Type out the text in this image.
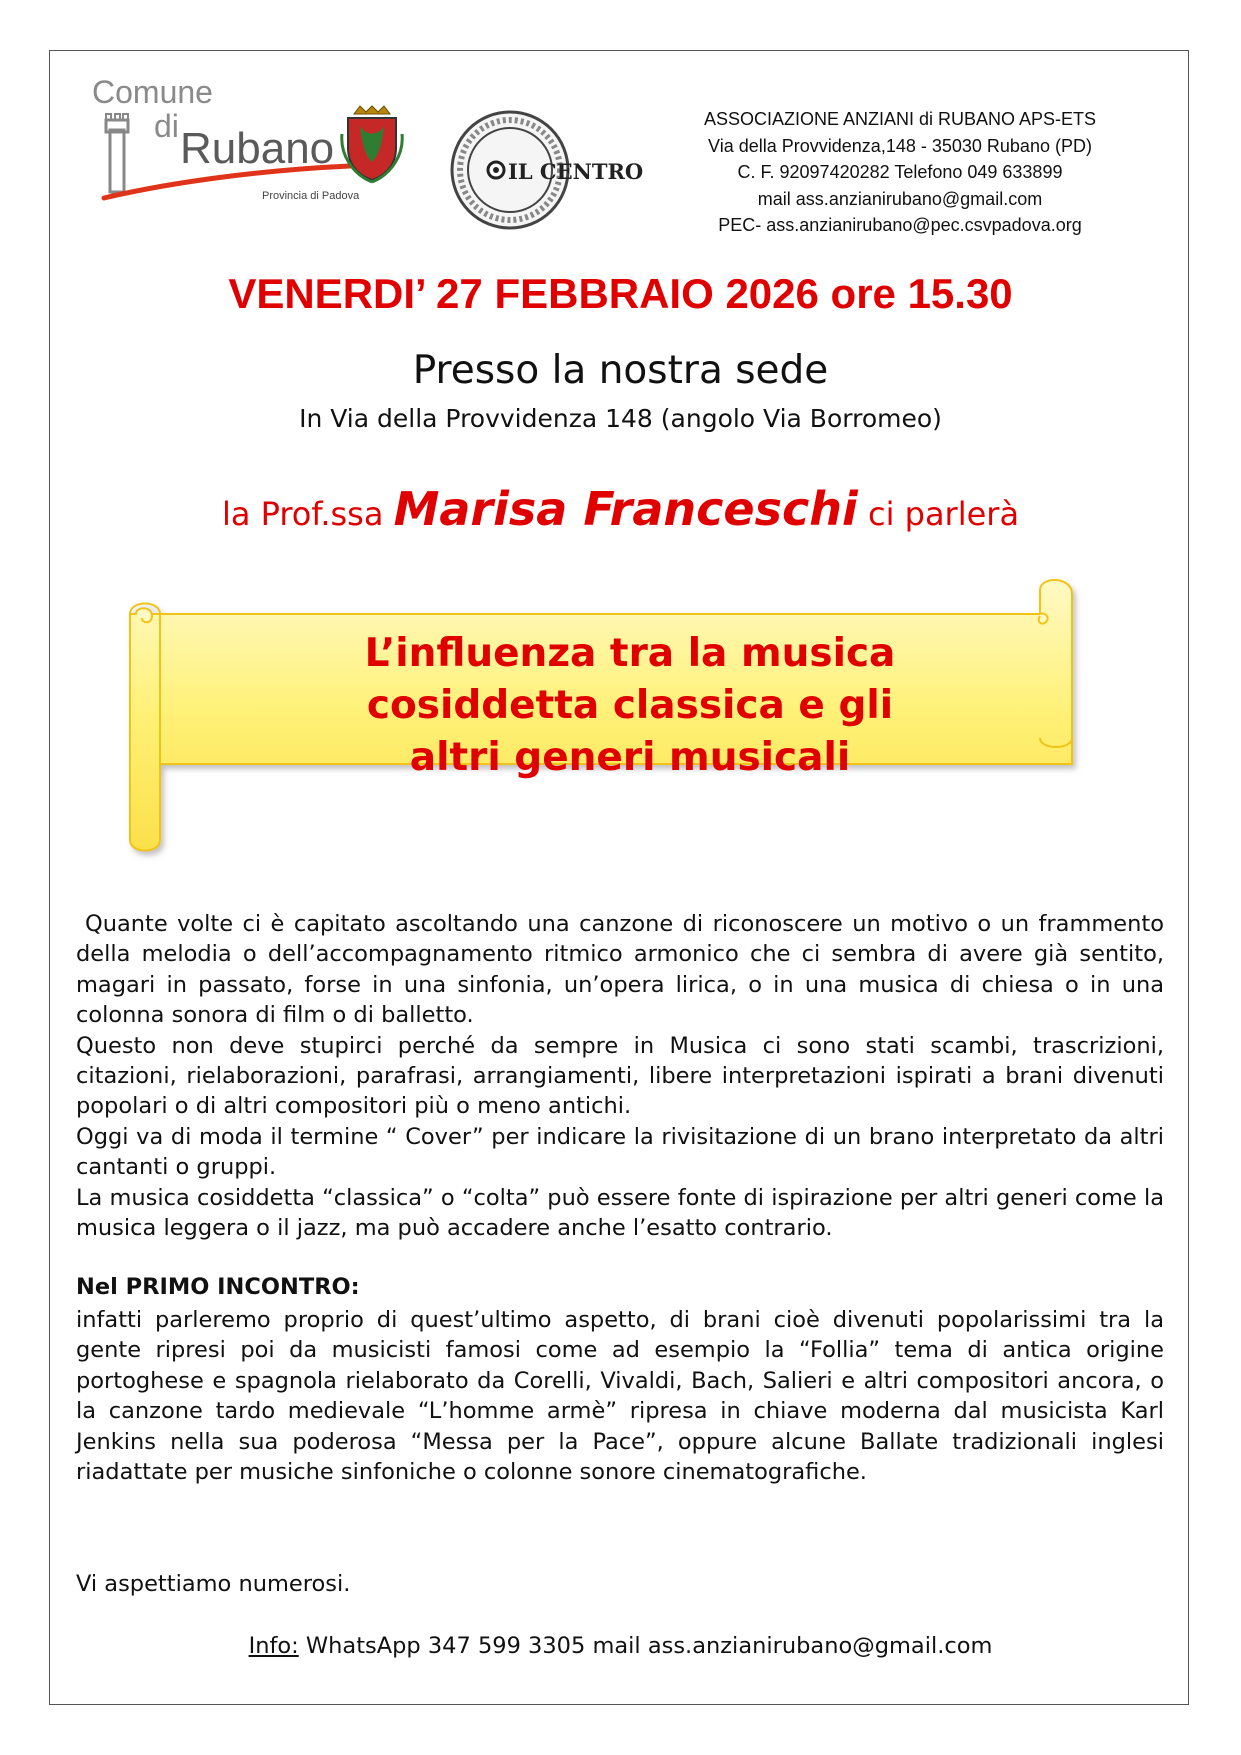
Comune
di Rubano
Provincia di Padova
IL CENTRO
ASSOCIAZIONE ANZIANI di RUBANO APS-ETS
Via della Provvidenza,148 - 35030 Rubano (PD)
C. F. 92097420282 Telefono 049 633899
mail ass.anzianirubano@gmail.com
PEC- ass.anzianirubano@pec.csvpadova.org
VENERDI’ 27 FEBBRAIO 2026 ore 15.30
Presso la nostra sede
In Via della Provvidenza 148 (angolo Via Borromeo)
la Prof.ssa Marisa Franceschi ci parlerà
L’influenza tra la musica
cosiddetta classica e gli
altri generi musicali

Quante volte ci è capitato ascoltando una canzone di riconoscere un motivo o un frammento della melodia o dell’accompagnamento ritmico armonico che ci sembra di avere già sentito, magari in passato, forse in una sinfonia, un’opera lirica, o in una musica di chiesa o in una colonna sonora di film o di balletto.

Questo non deve stupirci perché da sempre in Musica ci sono stati scambi, trascrizioni, citazioni, rielaborazioni, parafrasi, arrangiamenti, libere interpretazioni ispirati a brani divenuti popolari o di altri compositori più o meno antichi.

Oggi va di moda il termine “ Cover” per indicare la rivisitazione di un brano interpretato da altri cantanti o gruppi.

La musica cosiddetta “classica” o “colta” può essere fonte di ispirazione per altri generi come la musica leggera o il jazz, ma può accadere anche l’esatto contrario.

Nel PRIMO INCONTRO:

infatti parleremo proprio di quest’ultimo aspetto, di brani cioè divenuti popolarissimi tra la gente ripresi poi da musicisti famosi come ad esempio la “Follia” tema di antica origine portoghese e spagnola rielaborato da Corelli, Vivaldi, Bach, Salieri e altri compositori ancora, o la canzone tardo medievale “L’homme armè” ripresa in chiave moderna dal musicista Karl Jenkins nella sua poderosa “Messa per la Pace”, oppure alcune Ballate tradizionali inglesi riadattate per musiche sinfoniche o colonne sonore cinematografiche.

Vi aspettiamo numerosi.
Info: WhatsApp 347 599 3305 mail ass.anzianirubano@gmail.com
